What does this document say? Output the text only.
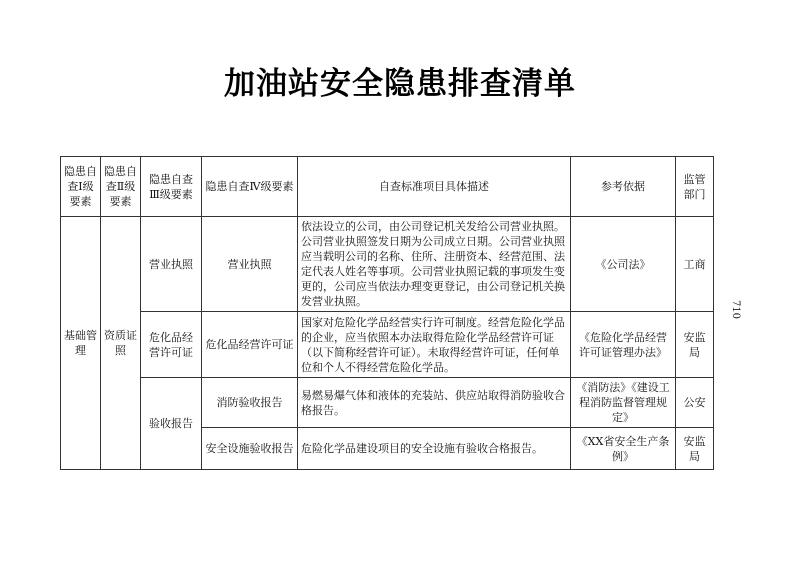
加油站安全隐患排查清单
隐患自查Ⅰ级要素	隐患自查Ⅱ级要素	隐患自查Ⅲ级要素	隐患自查Ⅳ级要素	自查标准项目具体描述	参考依据	监管部门
基础管理	资质证照	营业执照	营业执照	依法设立的公司，由公司登记机关发给公司营业执照。公司营业执照签发日期为公司成立日期。公司营业执照应当载明公司的名称、住所、注册资本、经营范围、法定代表人姓名等事项。公司营业执照记载的事项发生变更的，公司应当依法办理变更登记，由公司登记机关换发营业执照。	《公司法》	工商
		危化品经营许可证	危化品经营许可证	国家对危险化学品经营实行许可制度。经营危险化学品的企业，应当依照本办法取得危险化学品经营许可证（以下简称经营许可证）。未取得经营许可证，任何单位和个人不得经营危险化学品。	《危险化学品经营许可证管理办法》	安监局
		验收报告	消防验收报告	易燃易爆气体和液体的充装站、供应站取得消防验收合格报告。	《消防法》《建设工程消防监督管理规定》	公安
			安全设施验收报告	危险化学品建设项目的安全设施有验收合格报告。	《XX省安全生产条例》	安监局
710
